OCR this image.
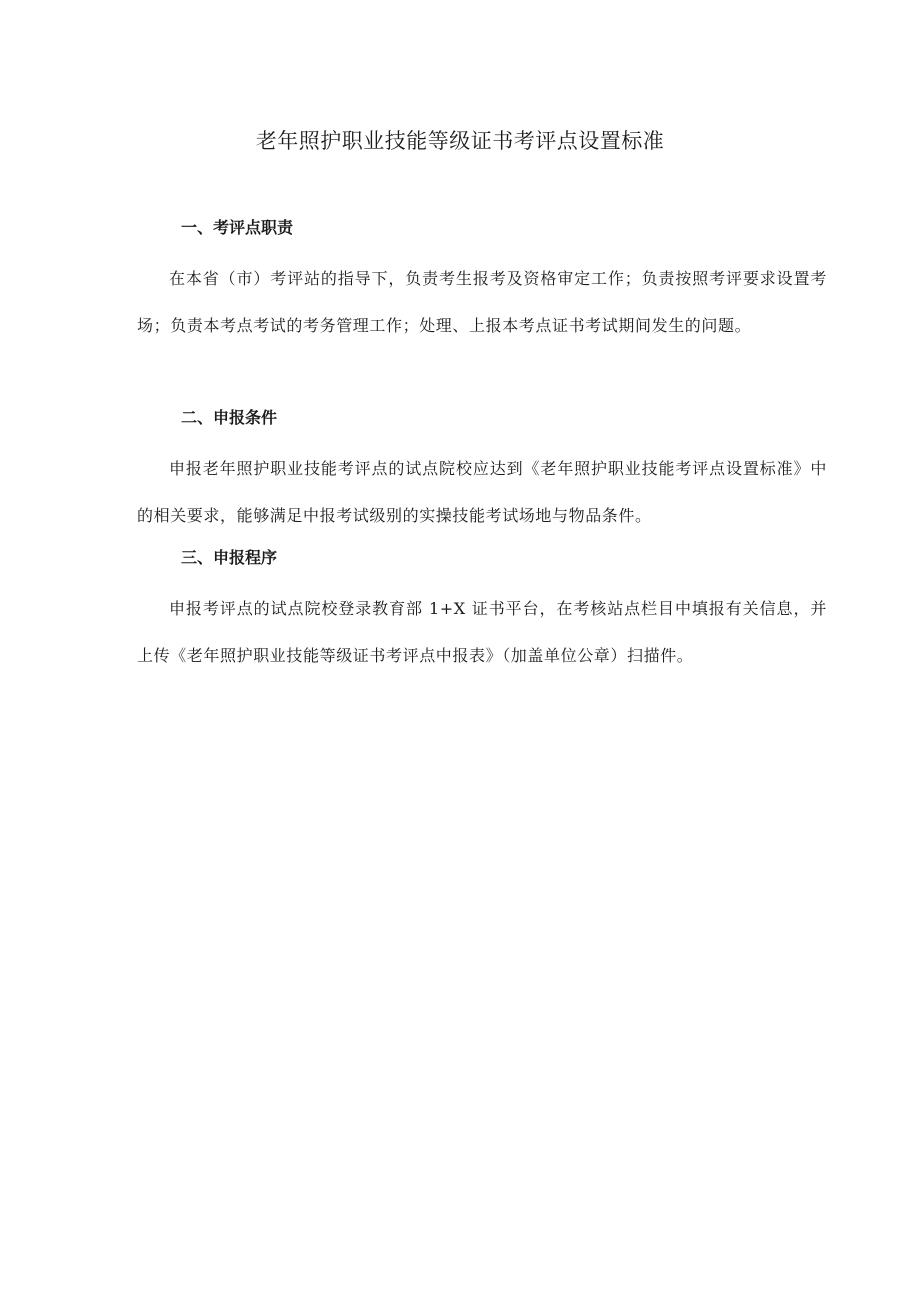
老年照护职业技能等级证书考评点设置标准
一、考评点职责

在本省（市）考评站的指导下，负责考生报考及资格审定工作；负责按照考评要求设置考场；负责本考点考试的考务管理工作；处理、上报本考点证书考试期间发生的问题。

二、申报条件

申报老年照护职业技能考评点的试点院校应达到《老年照护职业技能考评点设置标准》中的相关要求，能够满足中报考试级别的实操技能考试场地与物品条件。

三、申报程序

申报考评点的试点院校登录教育部 1+X 证书平台，在考核站点栏目中填报有关信息，并上传《老年照护职业技能等级证书考评点中报表》（加盖单位公章）扫描件。
